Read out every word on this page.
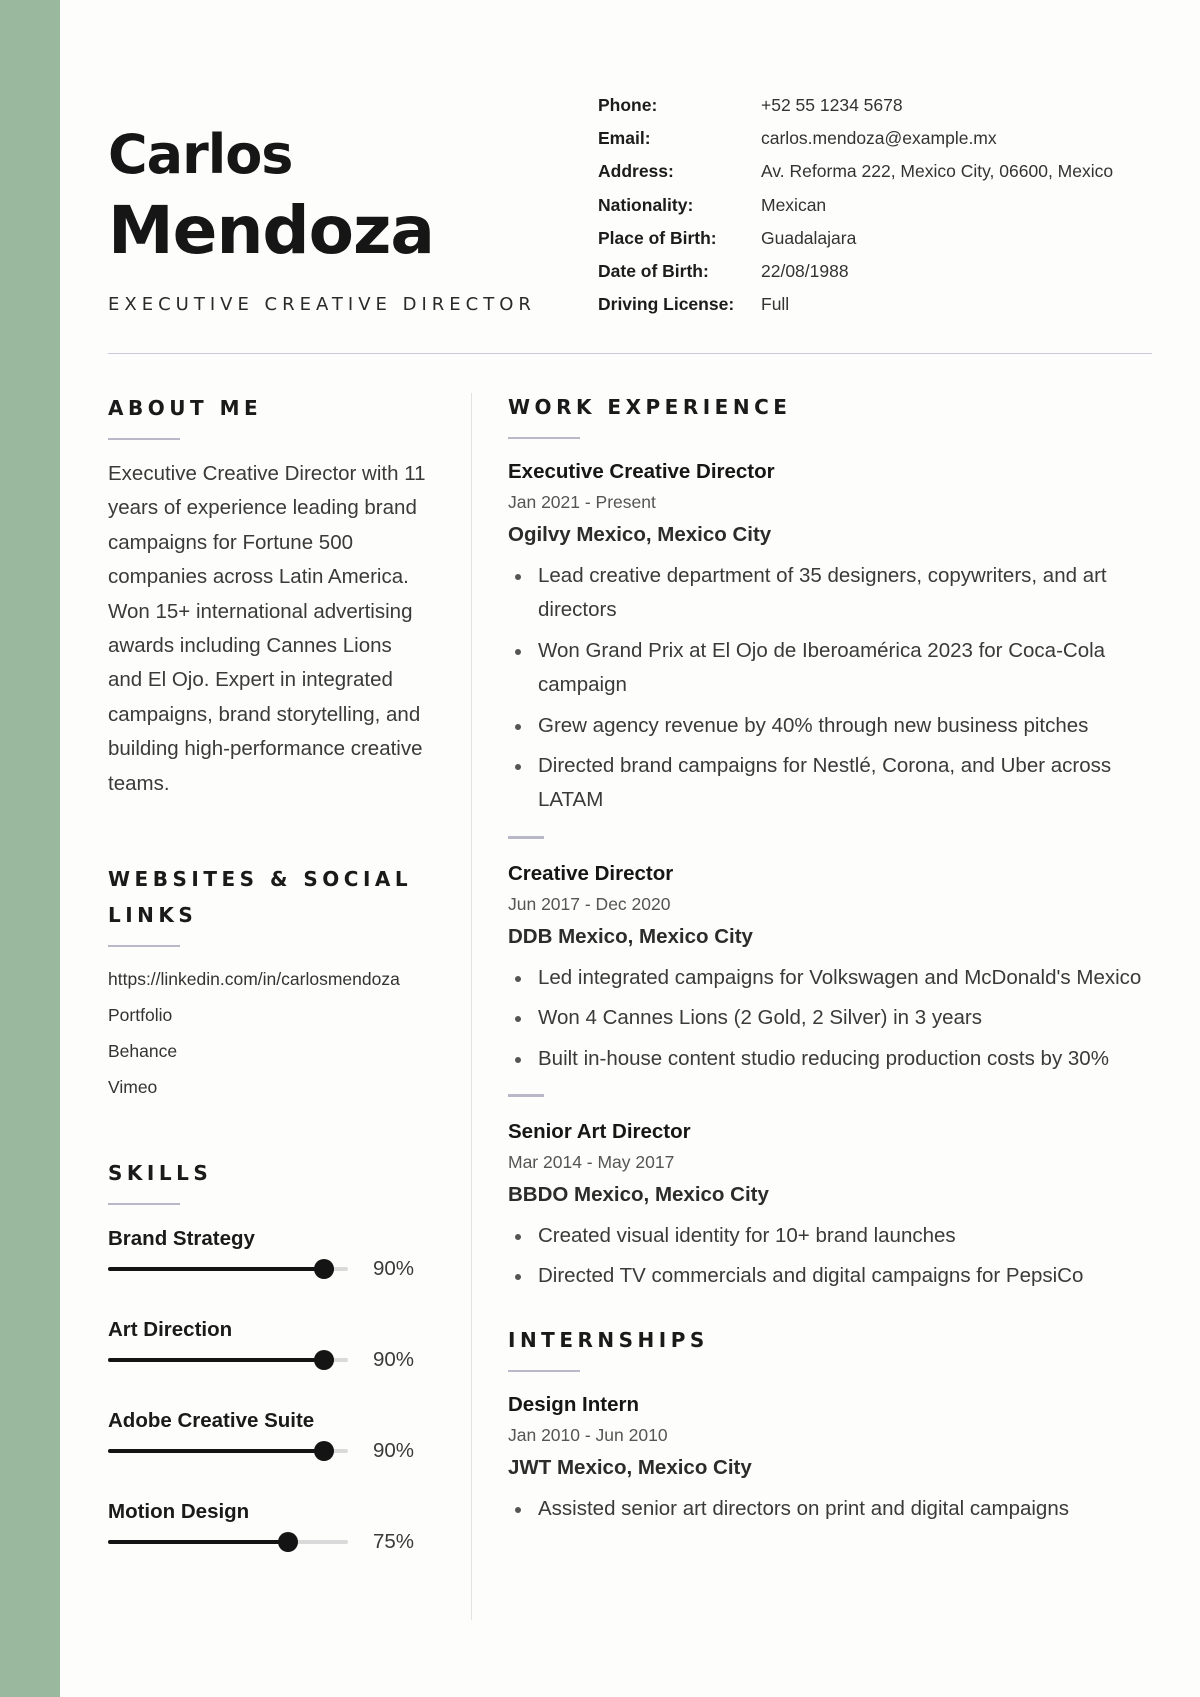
Carlos
Mendoza
EXECUTIVE CREATIVE DIRECTOR
Phone:	+52 55 1234 5678
Email:	carlos.mendoza@example.mx
Address:	Av. Reforma 222, Mexico City, 06600, Mexico
Nationality:	Mexican
Place of Birth:	Guadalajara
Date of Birth:	22/08/1988
Driving License:	Full
ABOUT ME

Executive Creative Director with 11 years of experience leading brand campaigns for Fortune 500 companies across Latin America. Won 15+ international advertising awards including Cannes Lions and El Ojo. Expert in integrated campaigns, brand storytelling, and building high-performance creative teams.

WEBSITES & SOCIAL LINKS
https://linkedin.com/in/carlosmendoza
Portfolio
Behance
Vimeo
SKILLS
Brand Strategy
90%
Art Direction
90%
Adobe Creative Suite
90%
Motion Design
75%
WORK EXPERIENCE

Executive Creative Director

Jan 2021 - Present

Ogilvy Mexico, Mexico City

Lead creative department of 35 designers, copywriters, and art directors
Won Grand Prix at El Ojo de Iberoamérica 2023 for Coca-Cola campaign
Grew agency revenue by 40% through new business pitches
Directed brand campaigns for Nestlé, Corona, and Uber across LATAM

Creative Director

Jun 2017 - Dec 2020

DDB Mexico, Mexico City

Led integrated campaigns for Volkswagen and McDonald's Mexico
Won 4 Cannes Lions (2 Gold, 2 Silver) in 3 years
Built in-house content studio reducing production costs by 30%

Senior Art Director

Mar 2014 - May 2017

BBDO Mexico, Mexico City

Created visual identity for 10+ brand launches
Directed TV commercials and digital campaigns for PepsiCo
INTERNSHIPS

Design Intern

Jan 2010 - Jun 2010

JWT Mexico, Mexico City

Assisted senior art directors on print and digital campaigns
